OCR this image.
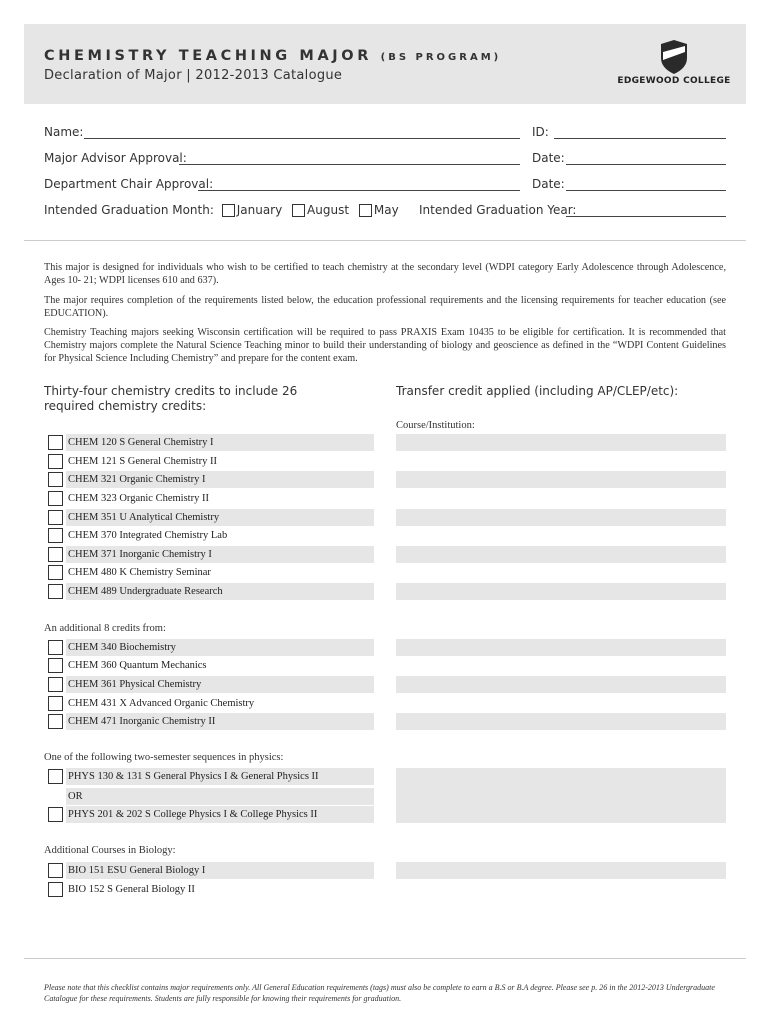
CHEMISTRY TEACHING MAJOR (BS PROGRAM)
Declaration of Major | 2012-2013 Catalogue	EDGEWOOD COLLEGE
Name:	ID:
Major Advisor Approval:	Date:
Department Chair Approval:	Date:
Intended Graduation Month: January August May Intended Graduation Year:
This major is designed for individuals who wish to be certified to teach chemistry at the secondary level (WDPI category Early Adolescence through Adolescence, Ages 10- 21; WDPI licenses 610 and 637).
The major requires completion of the requirements listed below, the education professional requirements and the licensing requirements for teacher education (see EDUCATION).
Chemistry Teaching majors seeking Wisconsin certification will be required to pass PRAXIS Exam 10435 to be eligible for certification. It is recommended that Chemistry majors complete the Natural Science Teaching minor to build their understanding of biology and geoscience as defined in the “WDPI Content Guidelines for Physical Science Including Chemistry” and prepare for the content exam.
Thirty-four chemistry credits to include 26 required chemistry credits:
Transfer credit applied (including AP/CLEP/etc):
Course/Institution:
CHEM 120 S General Chemistry I
CHEM 121 S General Chemistry II
CHEM 321 Organic Chemistry I
CHEM 323 Organic Chemistry II
CHEM 351 U Analytical Chemistry
CHEM 370 Integrated Chemistry Lab
CHEM 371 Inorganic Chemistry I
CHEM 480 K Chemistry Seminar
CHEM 489 Undergraduate Research
An additional 8 credits from:
CHEM 340 Biochemistry
CHEM 360 Quantum Mechanics
CHEM 361 Physical Chemistry
CHEM 431 X Advanced Organic Chemistry
CHEM 471 Inorganic Chemistry II
One of the following two-semester sequences in physics:
PHYS 130 & 131 S General Physics I & General Physics II
OR
PHYS 201 & 202 S College Physics I & College Physics II
Additional Courses in Biology:
BIO 151 ESU General Biology I
BIO 152 S General Biology II
Please note that this checklist contains major requirements only. All General Education requirements (tags) must also be complete to earn a B.S or B.A degree. Please see p. 26 in the 2012-2013 Undergraduate Catalogue for these requirements. Students are fully responsible for knowing their requirements for graduation.
